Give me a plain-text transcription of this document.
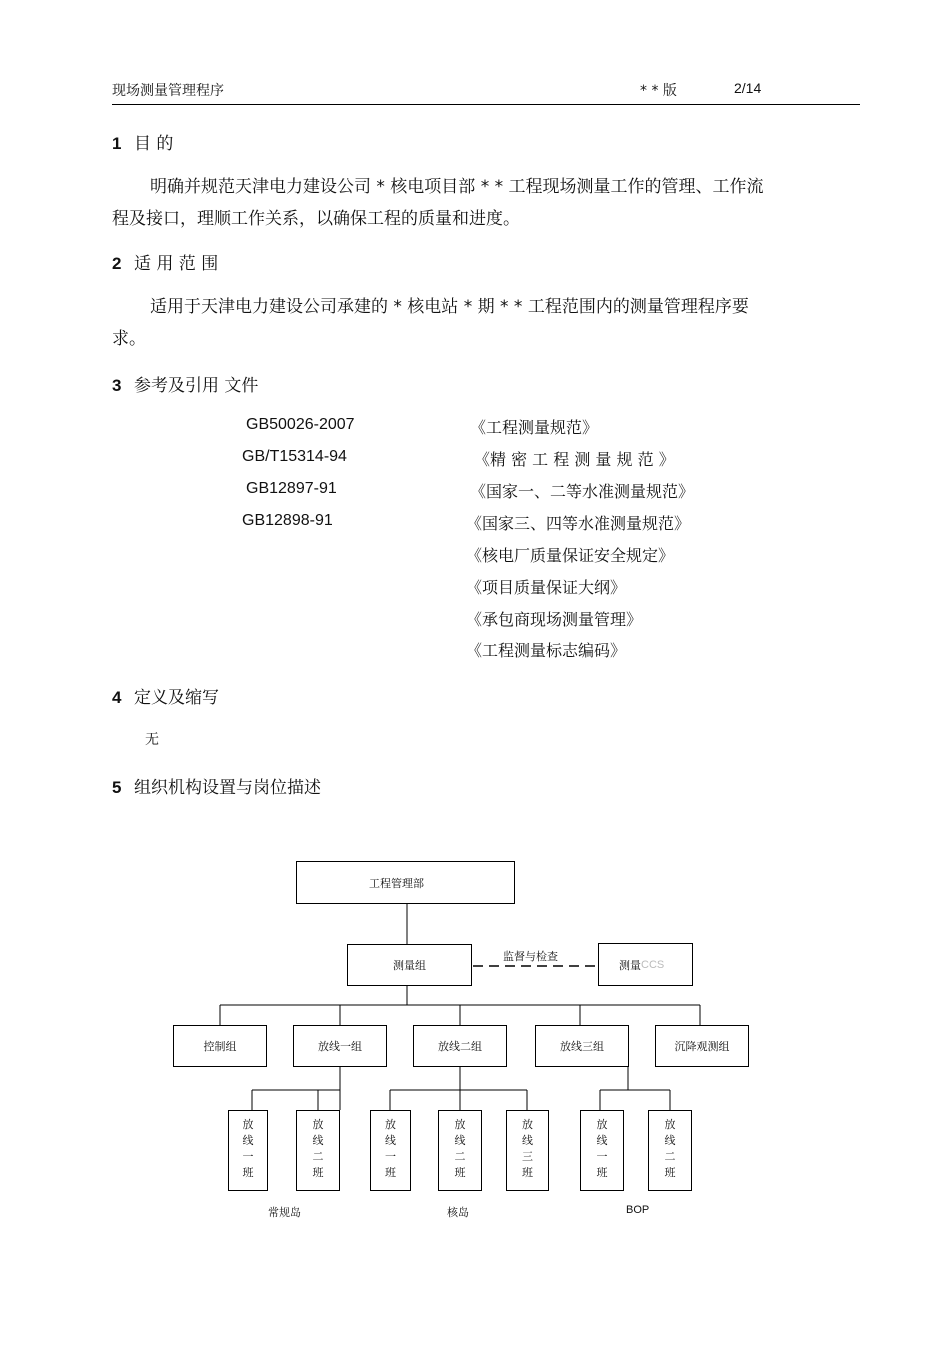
现场测量管理程序	* * 版	2/14
1 目 的
明确并规范天津电力建设公司 * 核电项目部 * * 工程现场测量工作的管理、工作流
程及接口，理顺工作关系，以确保工程的质量和进度。
2 适 用 范 围
适用于天津电力建设公司承建的 * 核电站 * 期 * * 工程范围内的测量管理程序要
求。
3 参考及引用 文件
GB50026-2007	《工程测量规范》
GB/T15314-94	《精 密 工 程 测 量 规 范 》
GB12897-91	《国家一、二等水准测量规范》
GB12898-91	《国家三、四等水准测量规范》
《核电厂质量保证安全规定》
《项目质量保证大纲》
《承包商现场测量管理》
《工程测量标志编码》
4 定义及缩写
无
5 组织机构设置与岗位描述
工程管理部
测量组
监督与检查
测量 CCS
控制组	放线一组	放线二组	放线三组	沉降观测组
放
线
一
班
放
线
二
班
放
线
一
班
放
线
二
班
放
线
三
班
放
线
一
班
放
线
二
班
常规岛	核岛	BOP
